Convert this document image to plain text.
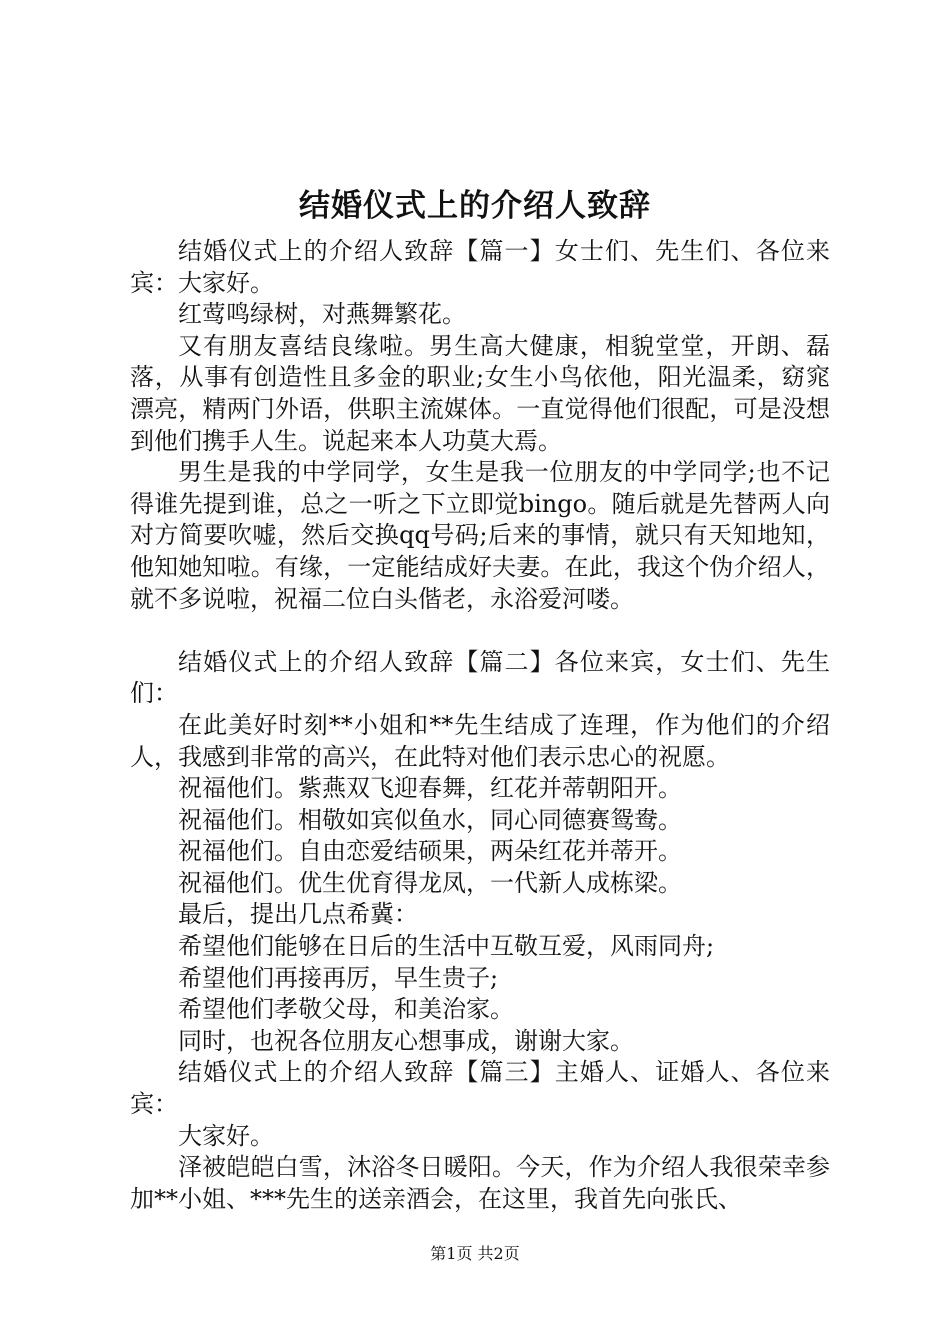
结婚仪式上的介绍人致辞

结婚仪式上的介绍人致辞【篇一】女士们、先生们、各位来宾：大家好。

红莺鸣绿树，对燕舞繁花。

又有朋友喜结良缘啦。男生高大健康，相貌堂堂，开朗、磊落，从事有创造性且多金的职业;女生小鸟依他，阳光温柔，窈窕漂亮，精两门外语，供职主流媒体。一直觉得他们很配，可是没想到他们携手人生。说起来本人功莫大焉。

男生是我的中学同学，女生是我一位朋友的中学同学;也不记得谁先提到谁，总之一听之下立即觉bingo。随后就是先替两人向对方简要吹嘘，然后交换qq号码;后来的事情，就只有天知地知，他知她知啦。有缘，一定能结成好夫妻。在此，我这个伪介绍人，就不多说啦，祝福二位白头偕老，永浴爱河喽。

结婚仪式上的介绍人致辞【篇二】各位来宾，女士们、先生们：

在此美好时刻**小姐和**先生结成了连理，作为他们的介绍人，我感到非常的高兴，在此特对他们表示忠心的祝愿。

祝福他们。紫燕双飞迎春舞，红花并蒂朝阳开。

祝福他们。相敬如宾似鱼水，同心同德赛鸳鸯。

祝福他们。自由恋爱结硕果，两朵红花并蒂开。

祝福他们。优生优育得龙凤，一代新人成栋梁。

最后，提出几点希冀：

希望他们能够在日后的生活中互敬互爱，风雨同舟;

希望他们再接再厉，早生贵子;

希望他们孝敬父母，和美治家。

同时，也祝各位朋友心想事成，谢谢大家。

结婚仪式上的介绍人致辞【篇三】主婚人、证婚人、各位来宾：

大家好。

泽被皑皑白雪，沐浴冬日暖阳。今天，作为介绍人我很荣幸参加**小姐、***先生的送亲酒会，在这里，我首先向张氏、

第1页 共2页
